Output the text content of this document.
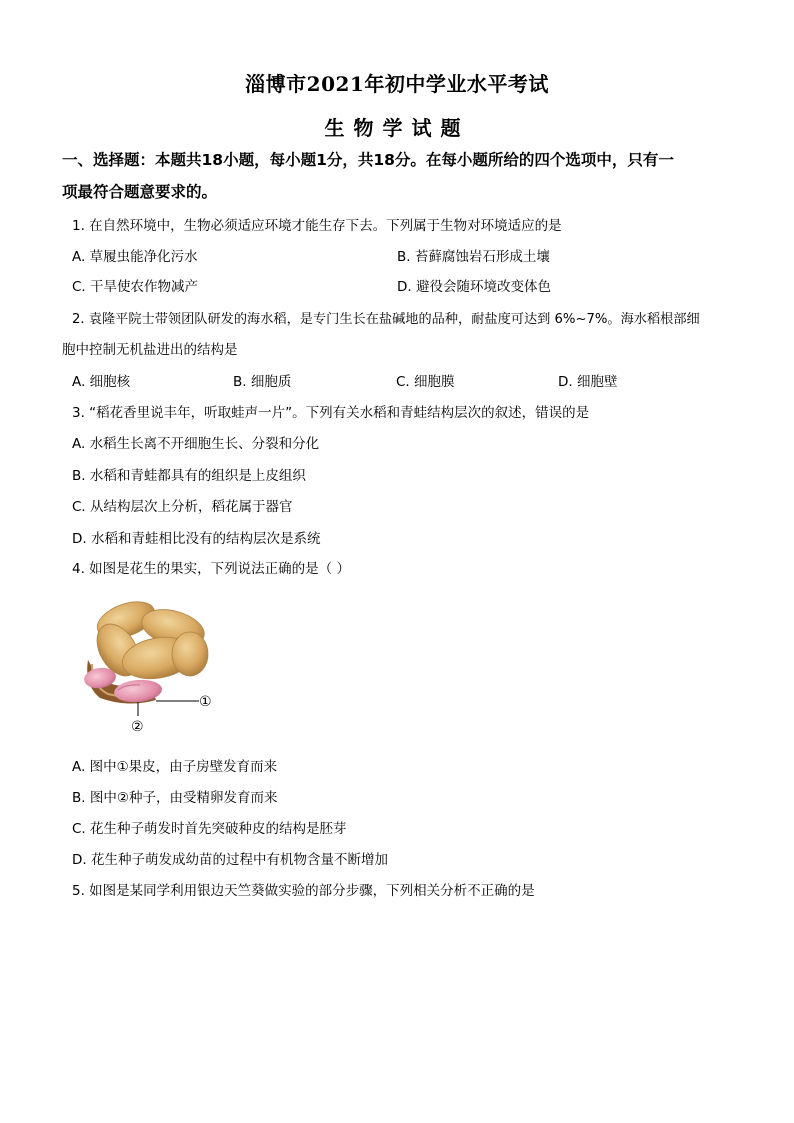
淄博市2021年初中学业水平考试
生物学试题
一、选择题：本题共18小题，每小题1分，共18分。在每小题所给的四个选项中，只有一
项最符合题意要求的。
1. 在自然环境中，生物必须适应环境才能生存下去。下列属于生物对环境适应的是
A. 草履虫能净化污水	B. 苔藓腐蚀岩石形成土壤
C. 干旱使农作物减产	D. 避役会随环境改变体色
2. 袁隆平院士带领团队研发的海水稻，是专门生长在盐碱地的品种，耐盐度可达到 6%~7%。海水稻根部细
胞中控制无机盐进出的结构是
A. 细胞核	B. 细胞质	C. 细胞膜	D. 细胞壁
3. “稻花香里说丰年，听取蛙声一片”。下列有关水稻和青蛙结构层次的叙述，错误的是
A. 水稻生长离不开细胞生长、分裂和分化
B. 水稻和青蛙都具有的组织是上皮组织
C. 从结构层次上分析，稻花属于器官
D. 水稻和青蛙相比没有的结构层次是系统
4. 如图是花生的果实，下列说法正确的是（ ）
①
②
A. 图中①果皮，由子房壁发育而来
B. 图中②种子，由受精卵发育而来
C. 花生种子萌发时首先突破种皮的结构是胚芽
D. 花生种子萌发成幼苗的过程中有机物含量不断增加
5. 如图是某同学利用银边天竺葵做实验的部分步骤，下列相关分析不正确的是
